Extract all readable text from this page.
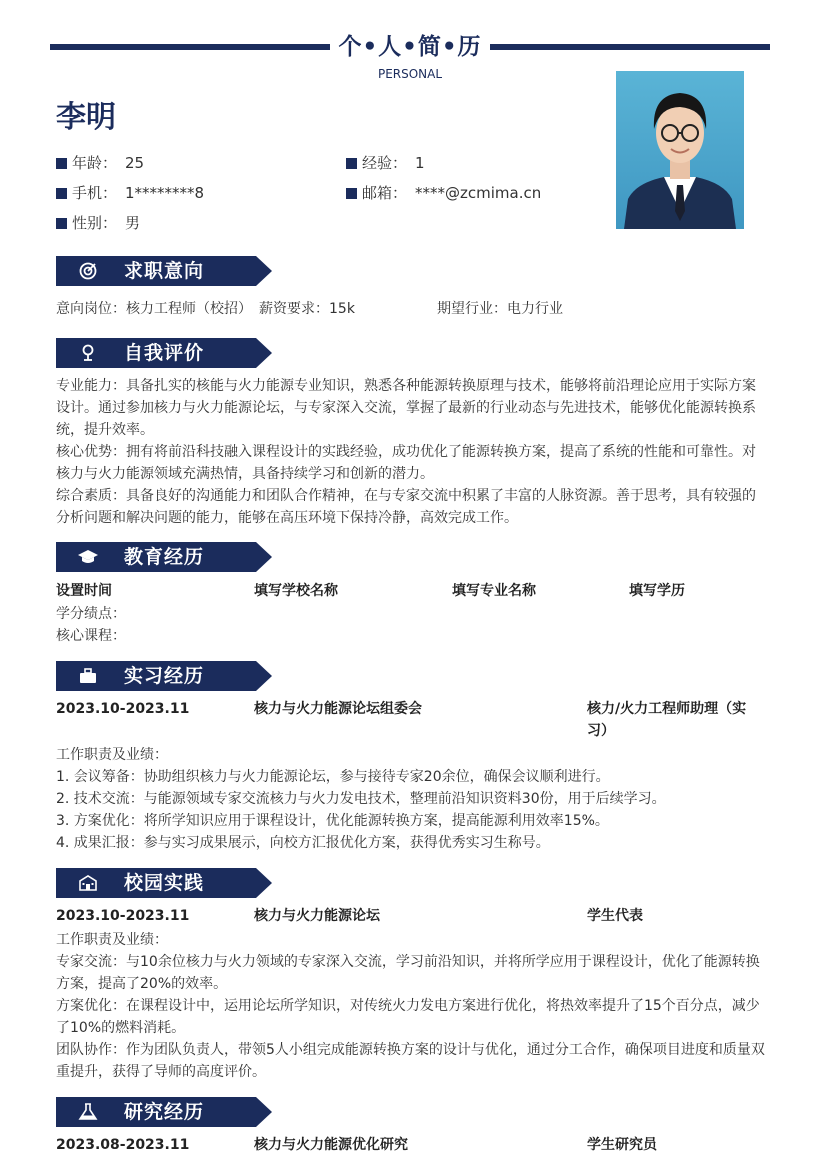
个•人•简•历
PERSONAL
李明
年龄： 25	经验： 1
手机： 1********8	邮箱： ****@zcmima.cn
性别： 男
求职意向
意向岗位：核力工程师（校招） 薪资要求：15k	期望行业：电力行业
自我评价

专业能力：具备扎实的核能与火力能源专业知识，熟悉各种能源转换原理与技术，能够将前沿理论应用于实际方案设计。通过参加核力与火力能源论坛，与专家深入交流，掌握了最新的行业动态与先进技术，能够优化能源转换系统，提升效率。

核心优势：拥有将前沿科技融入课程设计的实践经验，成功优化了能源转换方案，提高了系统的性能和可靠性。对核力与火力能源领域充满热情，具备持续学习和创新的潜力。

综合素质：具备良好的沟通能力和团队合作精神，在与专家交流中积累了丰富的人脉资源。善于思考，具有较强的分析问题和解决问题的能力，能够在高压环境下保持冷静，高效完成工作。

教育经历
设置时间	填写学校名称	填写专业名称	填写学历

学分绩点：

核心课程：

实习经历
2023.10-2023.11	核力与火力能源论坛组委会	核力/火力工程师助理（实习）

工作职责及业绩：

1. 会议筹备：协助组织核力与火力能源论坛，参与接待专家20余位，确保会议顺利进行。

2. 技术交流：与能源领域专家交流核力与火力发电技术，整理前沿知识资料30份，用于后续学习。

3. 方案优化：将所学知识应用于课程设计，优化能源转换方案，提高能源利用效率15%。

4. 成果汇报：参与实习成果展示，向校方汇报优化方案，获得优秀实习生称号。

校园实践
2023.10-2023.11	核力与火力能源论坛	学生代表

工作职责及业绩：

专家交流：与10余位核力与火力领域的专家深入交流，学习前沿知识，并将所学应用于课程设计，优化了能源转换方案，提高了20%的效率。

方案优化：在课程设计中，运用论坛所学知识，对传统火力发电方案进行优化，将热效率提升了15个百分点，减少了10%的燃料消耗。

团队协作：作为团队负责人，带领5人小组完成能源转换方案的设计与优化，通过分工合作，确保项目进度和质量双重提升，获得了导师的高度评价。

研究经历
2023.08-2023.11	核力与火力能源优化研究	学生研究员
